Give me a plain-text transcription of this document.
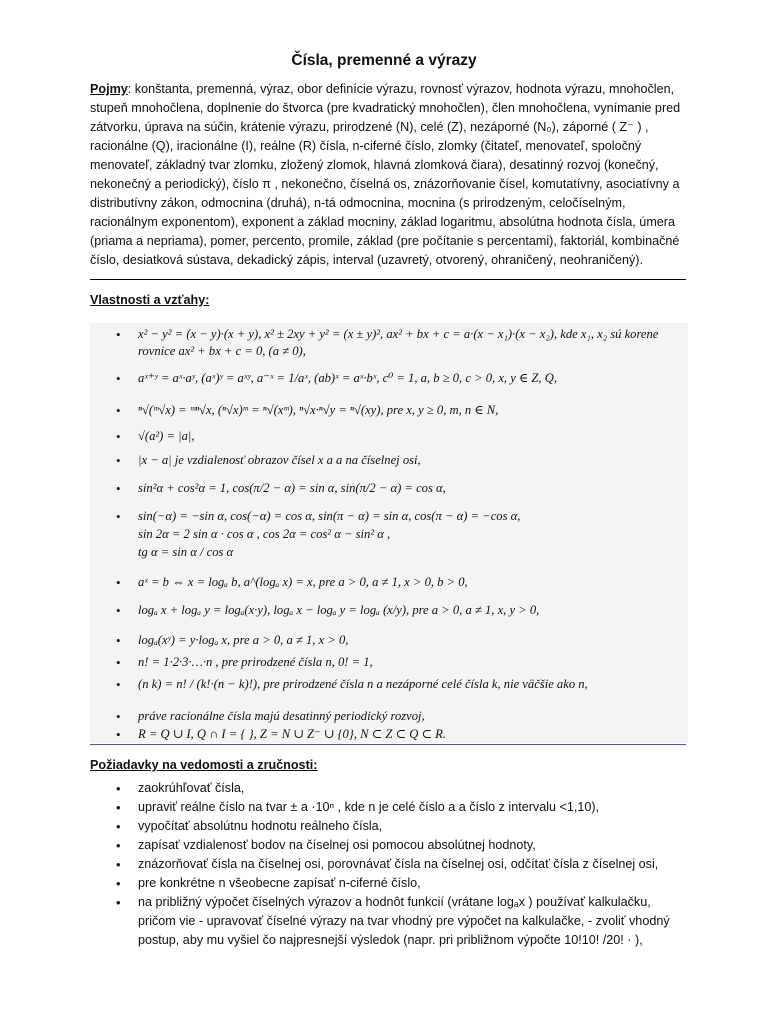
Čísla, premenné a výrazy
Pojmy: konštanta, premenná, výraz, obor definície výrazu, rovnosť výrazov, hodnota výrazu, mnohočlen, stupeň mnohočlena, doplnenie do štvorca (pre kvadratický mnohočlen), člen mnohočlena, vynímanie pred zátvorku, úprava na súčin, krátenie výrazu, prirodzené (N), celé (Z), nezáporné (N₀), záporné ( Z⁻ ) , racionálne (Q), iracionálne (I), reálne (R) čísla, n-ciferné číslo, zlomky (čitateľ, menovateľ, spoločný menovateľ, základný tvar zlomku, zložený zlomok, hlavná zlomková čiara), desatinný rozvoj (konečný, nekonečný a periodický), číslo π , nekonečno, číselná os, znázorňovanie čísel, komutatívny, asociatívny a distributívny zákon, odmocnina (druhá), n-tá odmocnina, mocnina (s prirodzeným, celočíselným, racionálnym exponentom), exponent a základ mocniny, základ logaritmu, absolútna hodnota čísla, úmera (priama a nepriama), pomer, percento, promile, základ (pre počítanie s percentami), faktoriál, kombinačné číslo, desiatková sústava, dekadický zápis, interval (uzavretý, otvorený, ohraničený, neohraničený).
Vlastnosti a vzťahy:
• x² − y² = (x − y)·(x + y), x² ± 2xy + y² = (x ± y)², ax² + bx + c = a·(x − x₁)·(x − x₂), kde x₁, x₂ sú korene rovnice ax² + bx + c = 0, (a ≠ 0),
• aˣ⁺ʸ = aˣ·aʸ, (aˣ)ʸ = aˣʸ, a⁻ˣ = 1/aˣ, (ab)ˣ = aˣ·bˣ, c⁰ = 1, a, b ≥ 0, c > 0, x, y ∈ Z, Q,
• ⁿ√(ᵐ√x) = ᵐⁿ√x, (ⁿ√x)ᵐ = ⁿ√(xᵐ), ⁿ√x·ⁿ√y = ⁿ√(xy), pre x, y ≥ 0, m, n ∈ N,
• √(a²) = |a|,
• |x − a| je vzdialenosť obrazov čísel x a a na číselnej osi,
• sin²α + cos²α = 1, cos(π/2 − α) = sin α, sin(π/2 − α) = cos α,
• sin(−α) = −sin α, cos(−α) = cos α, sin(π − α) = sin α, cos(π − α) = −cos α,
sin 2α = 2 sin α · cos α , cos 2α = cos² α − sin² α ,
tg α = sin α / cos α
• aˣ = b ⇔ x = logₐ b, a^(logₐ x) = x, pre a > 0, a ≠ 1, x > 0, b > 0,
• logₐ x + logₐ y = logₐ(x·y), logₐ x − logₐ y = logₐ (x/y), pre a > 0, a ≠ 1, x, y > 0,
• logₐ(xʸ) = y·logₐ x, pre a > 0, a ≠ 1, x > 0,
• n! = 1·2·3·…·n , pre prirodzené čísla n, 0! = 1,
• (n k) = n! / (k!·(n − k)!), pre prirodzené čísla n a nezáporné celé čísla k, nie väčšie ako n,
• práve racionálne čísla majú desatinný periodický rozvoj,
• R = Q ∪ I, Q ∩ I = { }, Z = N ∪ Z⁻ ∪ {0}, N ⊂ Z ⊂ Q ⊂ R.
Požiadavky na vedomosti a zručnosti:
• zaokrúhľovať čísla,
• upraviť reálne číslo na tvar ± a ·10ⁿ , kde n je celé číslo a a číslo z intervalu <1,10),
• vypočítať absolútnu hodnotu reálneho čísla,
• zapísať vzdialenosť bodov na číselnej osi pomocou absolútnej hodnoty,
• znázorňovať čísla na číselnej osi, porovnávať čísla na číselnej osi, odčítať čísla z číselnej osi,
• pre konkrétne n všeobecne zapísať n-ciferné číslo,
• na približný výpočet číselných výrazov a hodnôt funkcií (vrátane logₐx ) používať kalkulačku, pričom vie - upravovať číselné výrazy na tvar vhodný pre výpočet na kalkulačke, - zvoliť vhodný postup, aby mu vyšiel čo najpresnejší výsledok (napr. pri približnom výpočte 10!10! /20! · ),
